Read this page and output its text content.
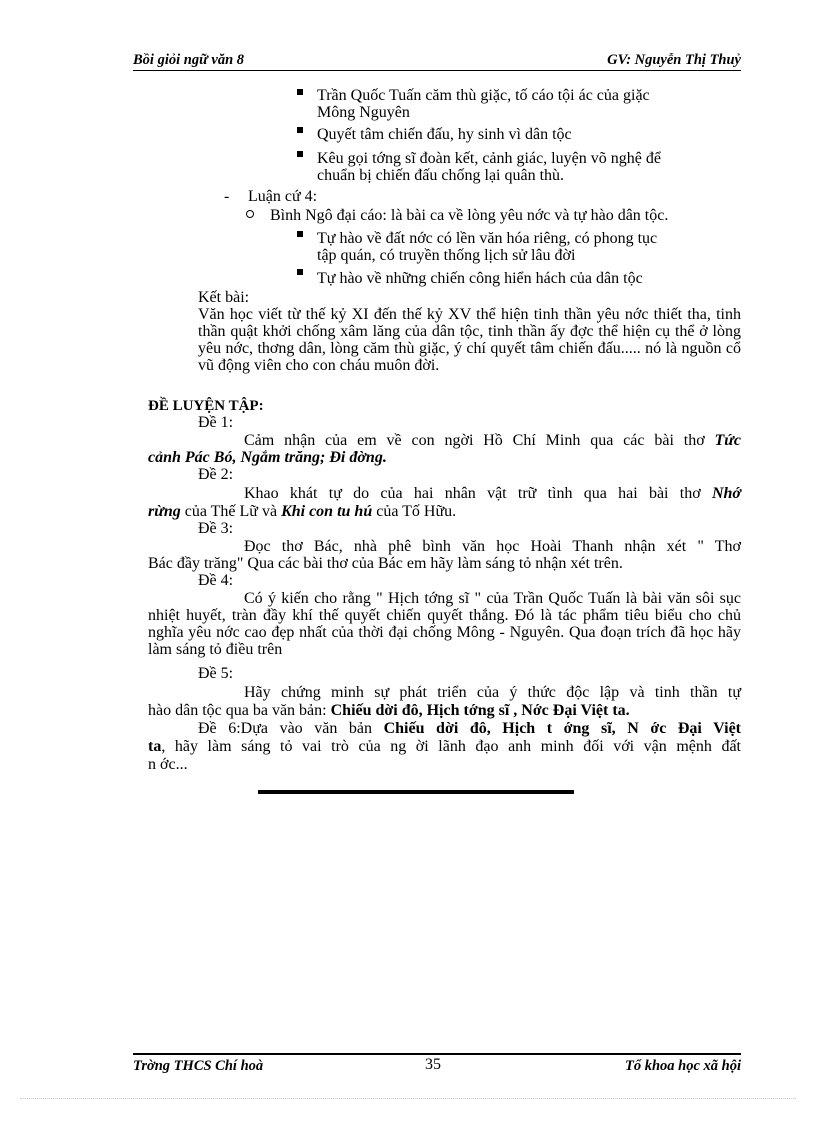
Bồi giỏi ngữ văn 8	GV: Nguyễn Thị Thuỷ
Trần Quốc Tuấn căm thù giặc, tố cáo tội ác của giặc
Mông Nguyên
Quyết tâm chiến đấu, hy sinh vì dân tộc
Kêu gọi tớng sĩ đoàn kết, cảnh giác, luyện võ nghệ để
chuẩn bị chiến đấu chống lại quân thù.
- Luận cứ 4:
Bình Ngô đại cáo: là bài ca về lòng yêu nớc và tự hào dân tộc.
Tự hào về đất nớc có lền văn hóa riêng, có phong tục
tập quán, có truyền thống lịch sử lâu đời
Tự hào về những chiến công hiển hách của dân tộc
Kết bài:
Văn học viết từ thế kỷ XI đến thế kỷ XV thể hiện tinh thần yêu nớc thiết tha, tinh thần quật khởi chống xâm lăng của dân tộc, tinh thần ấy đợc thể hiện cụ thể ở lòng yêu nớc, thơng dân, lòng căm thù giặc, ý chí quyết tâm chiến đấu..... nó là nguồn cổ vũ động viên cho con cháu muôn đời.
ĐỀ LUYỆN TẬP:
Đề 1:
Cảm nhận của em về con ngời Hồ Chí Minh qua các bài thơ Tức
cảnh Pác Bó, Ngắm trăng; Đi đờng.
Đề 2:
Khao khát tự do của hai nhân vật trữ tình qua hai bài thơ Nhớ
rừng của Thế Lữ và Khi con tu hú của Tố Hữu.
Đề 3:
Đọc thơ Bác, nhà phê bình văn học Hoài Thanh nhận xét " Thơ
Bác đầy trăng" Qua các bài thơ của Bác em hãy làm sáng tỏ nhận xét trên.
Đề 4:
Có ý kiến cho rằng " Hịch tớng sĩ " của Trần Quốc Tuấn là bài văn sôi sục nhiệt huyết, tràn đầy khí thế quyết chiến quyết thắng. Đó là tác phẩm tiêu biểu cho chủ nghĩa yêu nớc cao đẹp nhất của thời đại chống Mông - Nguyên. Qua đoạn trích đã học hãy làm sáng tỏ điều trên
Đề 5:
Hãy chứng minh sự phát triển của ý thức độc lập và tinh thần tự
hào dân tộc qua ba văn bản: Chiếu dời đô, Hịch tớng sĩ , Nớc Đại Việt ta.
Đề 6:Dựa vào văn bản Chiếu dời đô, Hịch t ớng sĩ, N ớc Đại Việt
ta, hãy làm sáng tỏ vai trò của ng ời lãnh đạo anh minh đối với vận mệnh đất
n ớc...
Trờng THCS Chí hoà	35	Tổ khoa học xã hội
